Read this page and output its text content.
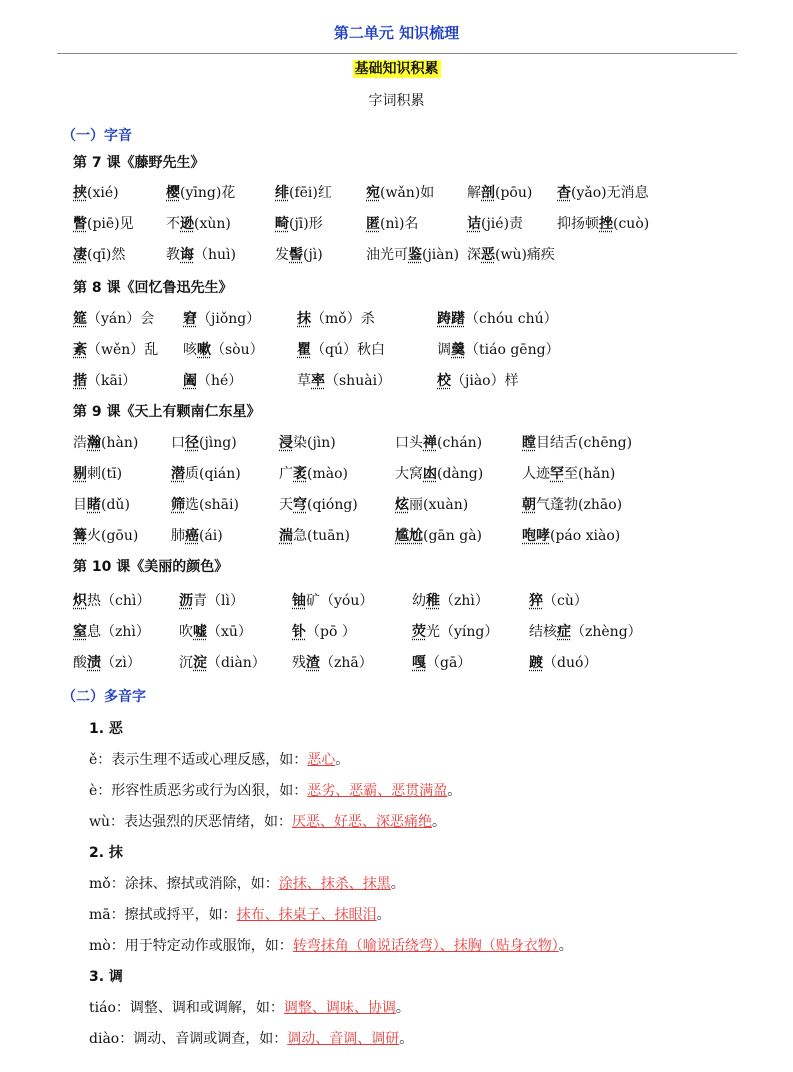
第二单元 知识梳理
基础知识积累
字词积累
（一）字音
第 7 课《藤野先生》
挟(xié)	樱(yīng)花	绯(fēi)红 宛(wǎn)如 解剖(pōu) 杳(yǎo)无消息
瞥(piē)见 不逊(xùn)	畸(jī)形	匿(nì)名	诘(jié)责 抑扬顿挫(cuò)
凄(qī)然	教诲（huì)	发髻(jì)	油光可鉴(jiàn) 深恶(wù)痛疾
第 8 课《回忆鲁迅先生》
筵（yán）会 窘（jiǒng）	抹（mǒ）杀	踌躇（chóu chú）
紊（wěn）乱 咳嗽（sòu） 瞿（qú）秋白	调羹（tiáo gēng）
揩（kāi）	阖（hé）	草率（shuài）	校（jiào）样
第 9 课《天上有颗南仁东星》
浩瀚(hàn) 口径(jìng)	浸染(jìn)	口头禅(chán)	瞠目结舌(chēng)
剔刺(tī)	潜质(qián)	广袤(mào)	大窝凼(dàng)	人迹罕至(hǎn)
目睹(dǔ)	筛选(shāi)	天穹(qióng)	炫丽(xuàn)	朝气蓬勃(zhāo)
篝火(gōu) 肺癌(ái)	湍急(tuān)	尴尬(gān gà)	咆哮(páo xiào)
第 10 课《美丽的颜色》
炽热（chì） 沥青（lì）	铀矿（yóu）	幼稚（zhì）	猝（cù）
窒息（zhì） 吹嘘（xū）	钋（pō ）	荧光（yíng） 结核症（zhèng）
酸渍（zì）	沉淀（diàn） 残渣（zhā）	嘎（gā）	踱（duó）
（二）多音字
1. 恶
ě：表示生理不适或心理反感，如：恶心。
è：形容性质恶劣或行为凶狠，如：恶劣、恶霸、恶贯满盈。
wù：表达强烈的厌恶情绪，如：厌恶、好恶、深恶痛绝。
2. 抹
mǒ：涂抹、擦拭或消除，如：涂抹、抹杀、抹黑。
mā：擦拭或捋平，如：抹布、抹桌子、抹眼泪。
mò：用于特定动作或服饰，如：转弯抹角（喻说话绕弯）、抹胸（贴身衣物）。
3. 调
tiáo：调整、调和或调解，如：调整、调味、协调。
diào：调动、音调或调查，如：调动、音调、调研。
